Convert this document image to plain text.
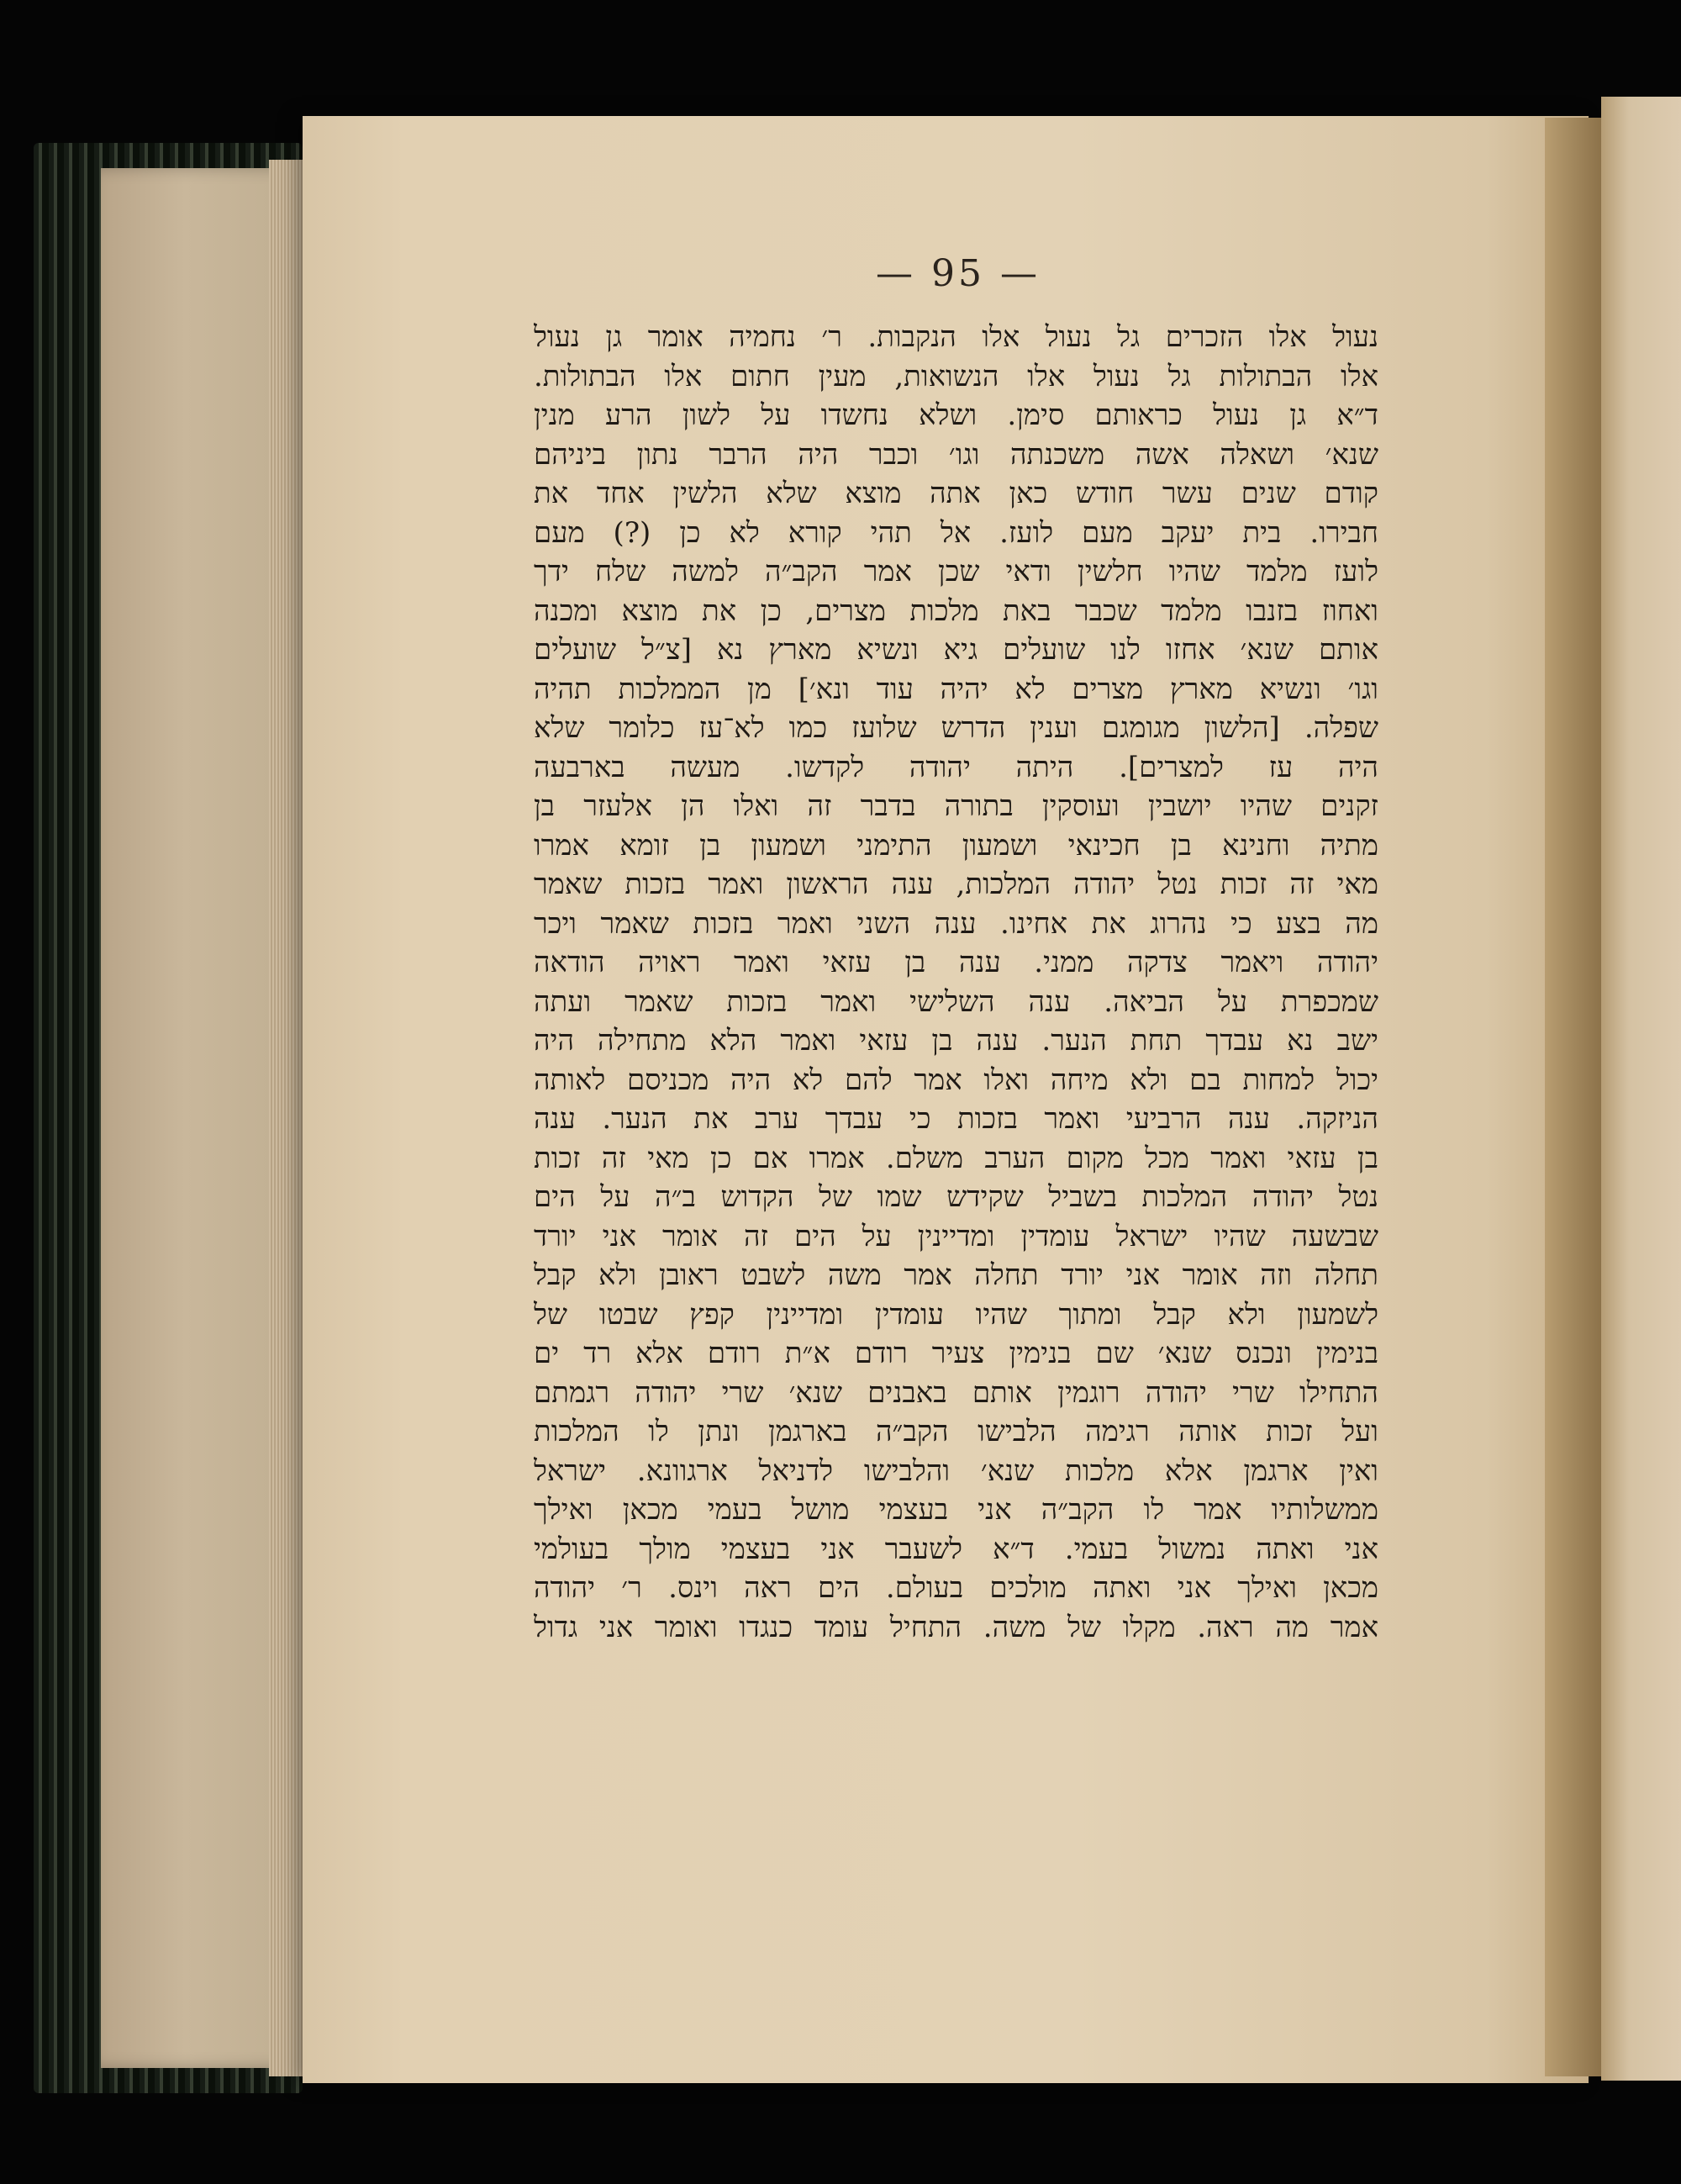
— 95 —
נעול אלו הזכרים גל נעול אלו הנקבות. ר׳ נחמיה אומר גן נעול
אלו הבתולות גל נעול אלו הנשואות, מעין חתום אלו הבתולות.
ד״א גן נעול כראותם סימן. ושלא נחשדו על לשון הרע מנין
שנא׳ ושאלה אשה משכנתה וגו׳ וכבר היה הרבר נתון ביניהם
קודם שנים עשר חודש כאן אתה מוצא שלא הלשין אחד את
חבירו. בית יעקב מעם לועז. אל תהי קורא לא כן (?) מעם
לועז מלמד שהיו חלשין ודאי שכן אמר הקב״ה למשה שלח ידך
ואחוז בזנבו מלמד שכבר באת מלכות מצרים, כן את מוצא ומכנה
אותם שנא׳ אחזו לנו שועלים גיא ונשיא מארץ נא [צ״ל שועלים
וגו׳ ונשיא מארץ מצרים לא יהיה עוד ונא׳] מן הממלכות תהיה
שפלה. [הלשון מגומגם וענין הדרש שלועז כמו לא־עז כלומר שלא
היה עז למצרים]. היתה יהודה לקדשו. מעשה בארבעה
זקנים שהיו יושבין ועוסקין בתורה בדבר זה ואלו הן אלעזר בן
מתיה וחנינא בן חכינאי ושמעון התימני ושמעון בן זומא אמרו
מאי זה זכות נטל יהודה המלכות, ענה הראשון ואמר בזכות שאמר
מה בצע כי נהרוג את אחינו. ענה השני ואמר בזכות שאמר ויכר
יהודה ויאמר צדקה ממני. ענה בן עזאי ואמר ראויה הודאה
שמכפרת על הביאה. ענה השלישי ואמר בזכות שאמר ועתה
ישב נא עבדך תחת הנער. ענה בן עזאי ואמר הלא מתחילה היה
יכול למחות בם ולא מיחה ואלו אמר להם לא היה מכניסם לאותה
הניזקה. ענה הרביעי ואמר בזכות כי עבדך ערב את הנער. ענה
בן עזאי ואמר מכל מקום הערב משלם. אמרו אם כן מאי זה זכות
נטל יהודה המלכות בשביל שקידש שמו של הקדוש ב״ה על הים
שבשעה שהיו ישראל עומדין ומדיינין על הים זה אומר אני יורד
תחלה וזה אומר אני יורד תחלה אמר משה לשבט ראובן ולא קבל
לשמעון ולא קבל ומתוך שהיו עומדין ומדיינין קפץ שבטו של
בנימין ונכנס שנא׳ שם בנימין צעיר רודם א״ת רודם אלא רד ים
התחילו שרי יהודה רוגמין אותם באבנים שנא׳ שרי יהודה רגמתם
ועל זכות אותה רגימה הלבישו הקב״ה בארגמן ונתן לו המלכות
ואין ארגמן אלא מלכות שנא׳ והלבישו לדניאל ארגוונא. ישראל
ממשלותיו אמר לו הקב״ה אני בעצמי מושל בעמי מכאן ואילך
אני ואתה נמשול בעמי. ד״א לשעבר אני בעצמי מולך בעולמי
מכאן ואילך אני ואתה מולכים בעולם. הים ראה וינס. ר׳ יהודה
אמר מה ראה. מקלו של משה. התחיל עומד כנגדו ואומר אני גדול
